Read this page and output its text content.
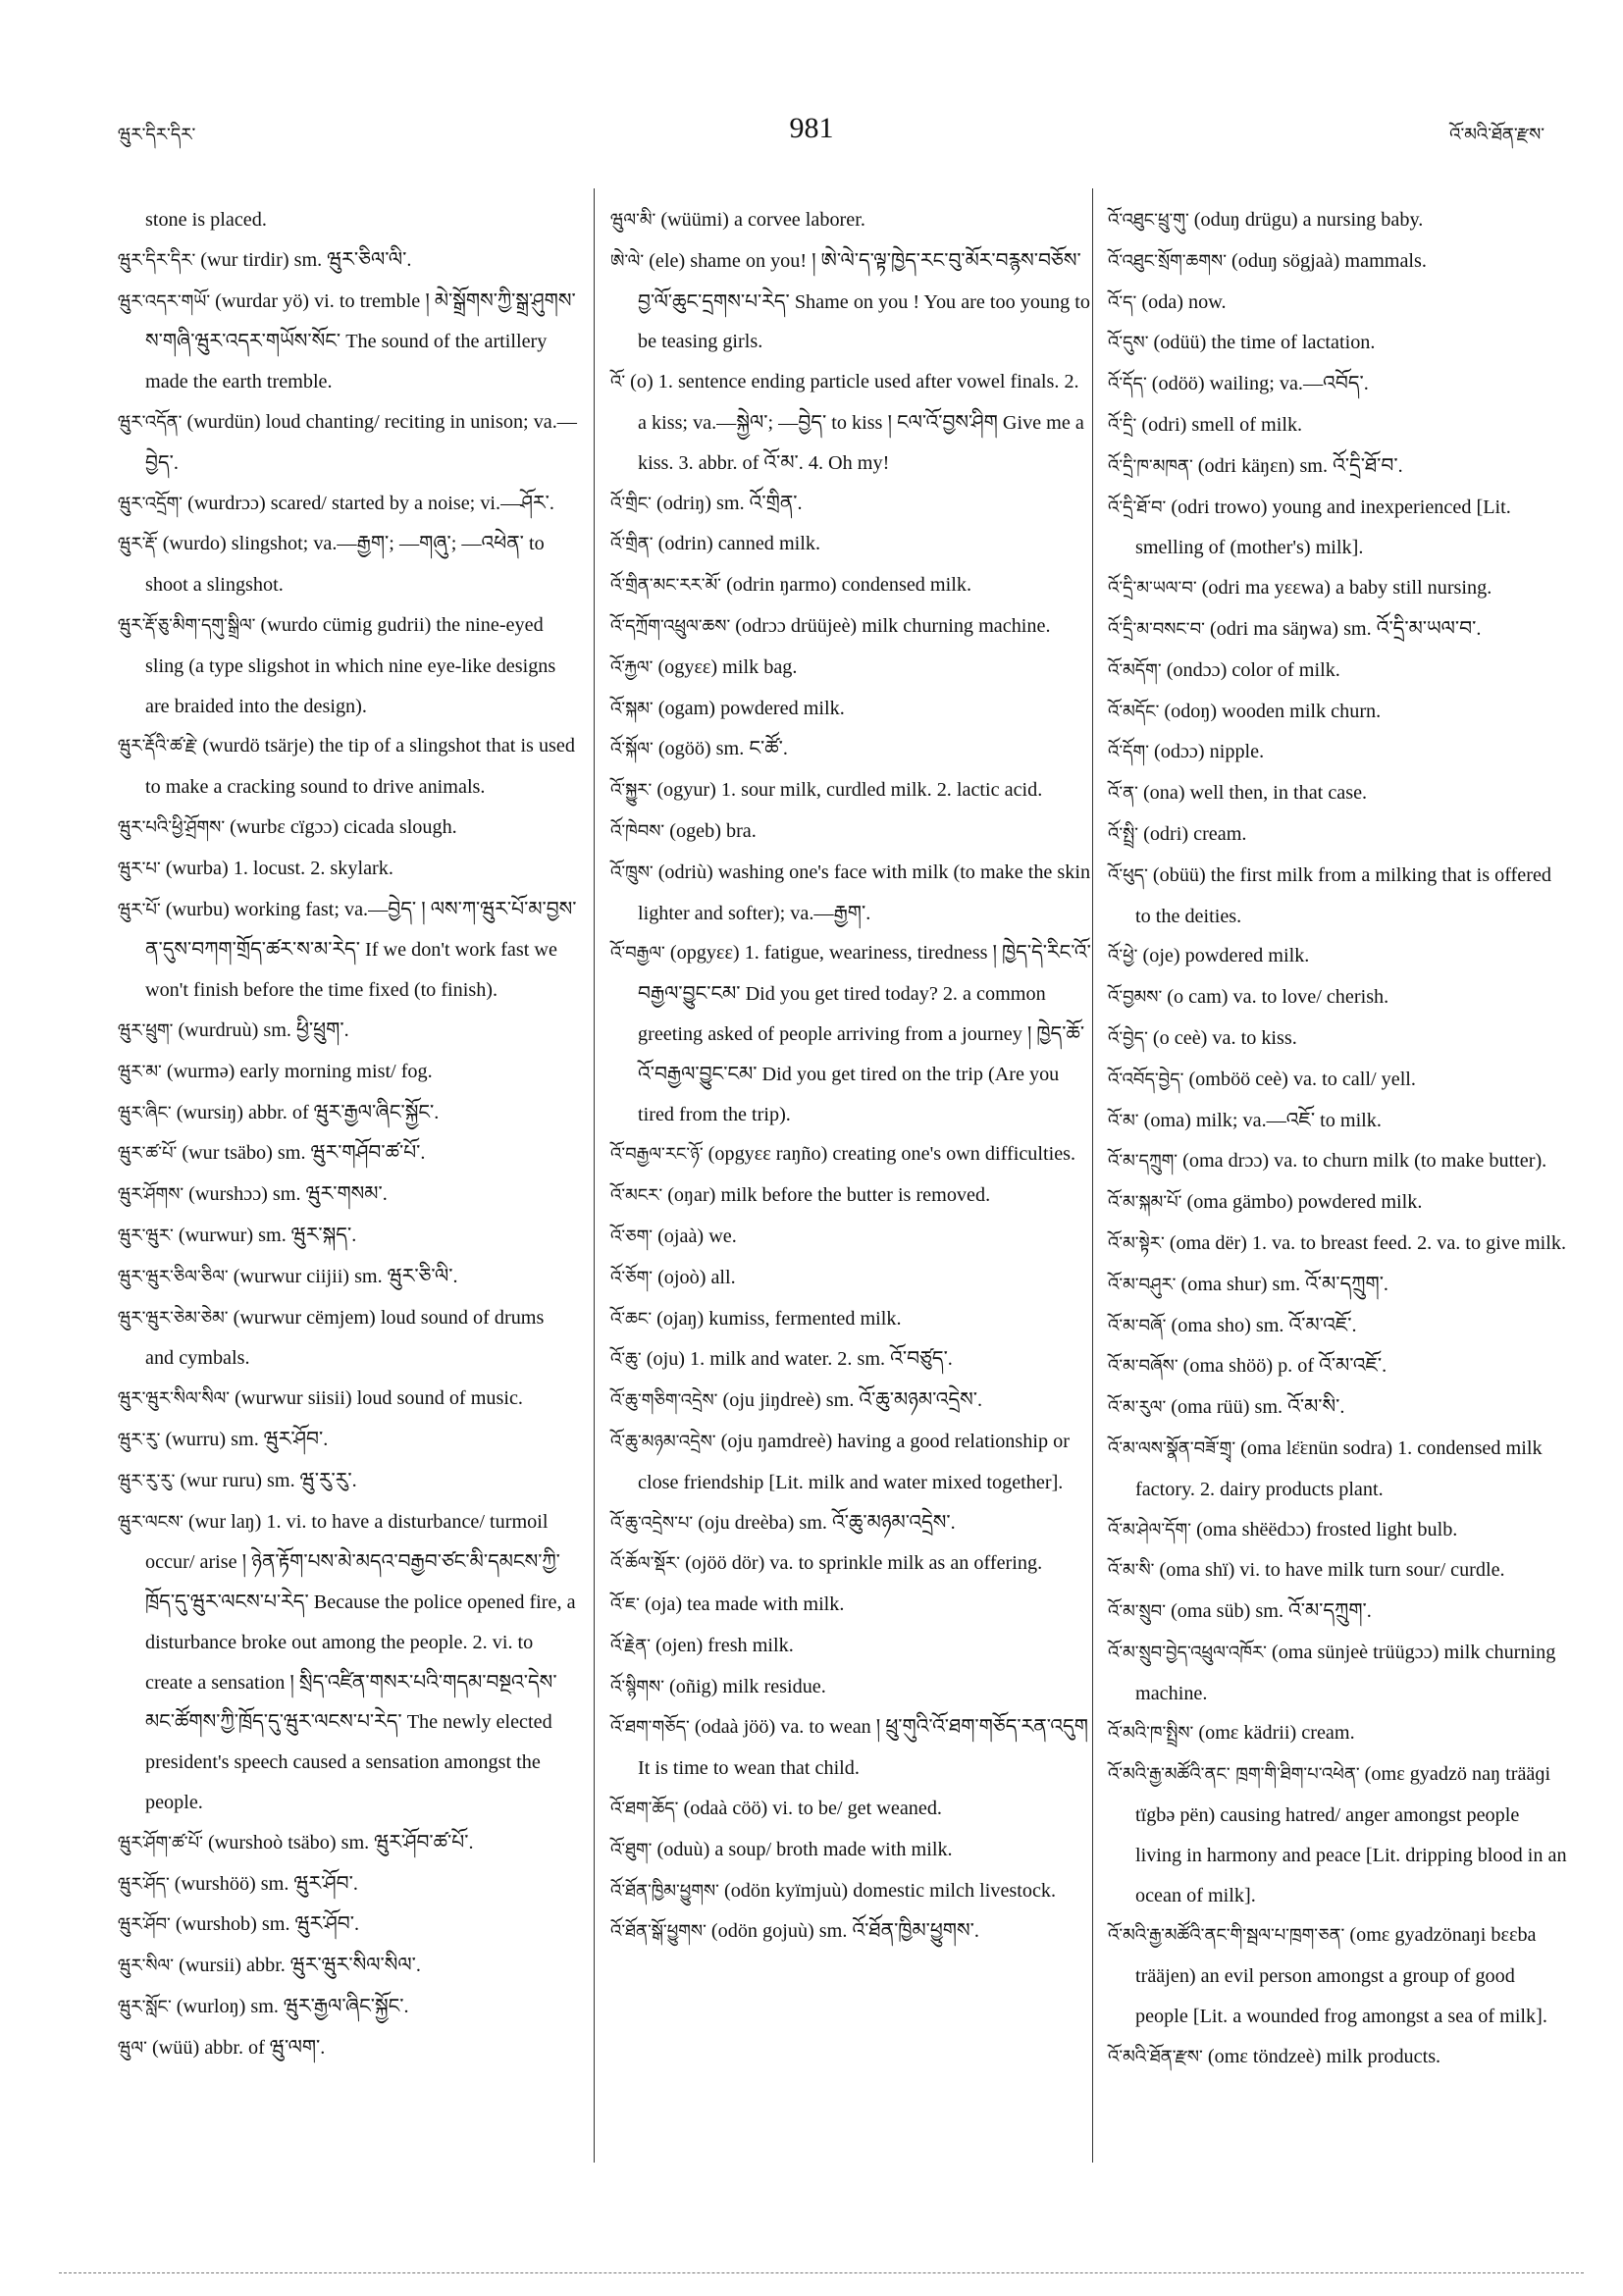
ཝུར་དིར་དིར་	981	འོ་མའི་ཐོན་རྫས་

stone is placed.

ཝུར་དིར་དིར་ (wur tirdir) sm. ཝུར་ཅིལ་ལི་.

ཝུར་འདར་གཡོ་ (wurdar yö) vi. to tremble ། མེ་སྒྲོགས་ཀྱི་སྒྲ་ཤུགས་ས་གཞི་ཝུར་འདར་གཡོས་སོང་ The sound of the artillery made the earth tremble.

ཝུར་འདོན་ (wurdün) loud chanting/ reciting in unison; va.—བྱེད་.

ཝུར་འདྲོག་ (wurdrɔɔ) scared/ started by a noise; vi.—ཤོར་.

ཝུར་རྡོ་ (wurdo) slingshot; va.—རྒྱག་; —གཞུ་; —འཕེན་ to shoot a slingshot.

ཝུར་རྡོ་ཅུ་མིག་དགུ་སྒྲིལ་ (wurdo cümig gudrii) the nine-eyed sling (a type sligshot in which nine eye-like designs are braided into the design).

ཝུར་རྡོའི་ཚ་རྗེ་ (wurdö tsärje) the tip of a slingshot that is used to make a cracking sound to drive animals.

ཝུར་པའི་ཕྱི་ཤྲོགས་ (wurbɛ cïgɔɔ) cicada slough.

ཝུར་པ་ (wurba) 1. locust. 2. skylark.

ཝུར་པོ་ (wurbu) working fast; va.—བྱེད་ ། ལས་ཀ་ཝུར་པོ་མ་བྱས་ན་དུས་བཀག་གྲོད་ཚར་ས་མ་རེད་ If we don't work fast we won't finish before the time fixed (to finish).

ཝུར་ཕྲུག་ (wurdruù) sm. ཕྱི་ཕྲུག་.

ཝུར་མ་ (wurmə) early morning mist/ fog.

ཝུར་ཞིང་ (wursiŋ) abbr. of ཝུར་རྒྱལ་ཞིང་སྐྱོང་.

ཝུར་ཚ་པོ་ (wur tsäbo) sm. ཝུར་གཤོབ་ཚ་པོ་.

ཝུར་ཤོགས་ (wurshɔɔ) sm. ཝུར་གསམ་.

ཝུར་ཝུར་ (wurwur) sm. ཝུར་སྐད་.

ཝུར་ཝུར་ཅིལ་ཅིལ་ (wurwur ciijii) sm. ཝུར་ཅི་ལི་.

ཝུར་ཝུར་ཅེམ་ཅེམ་ (wurwur cëmjem) loud sound of drums and cymbals.

ཝུར་ཝུར་སིལ་སིལ་ (wurwur siisii) loud sound of music.

ཝུར་རུ་ (wurru) sm. ཝུར་ཤོབ་.

ཝུར་རུ་རུ་ (wur ruru) sm. ཝུ་རུ་རུ་.

ཝུར་ལངས་ (wur laŋ) 1. vi. to have a disturbance/ turmoil occur/ arise ། ཉེན་རྟོག་པས་མེ་མདའ་བརྒྱབ་ཙང་མི་དམངས་ཀྱི་ཁྲོད་དུ་ཝུར་ལངས་པ་རེད་ Because the police opened fire, a disturbance broke out among the people. 2. vi. to create a sensation ། སྲིད་འཛིན་གསར་པའི་གདམ་བསྔའ་དེས་མང་ཚོགས་ཀྱི་ཁྲོད་དུ་ཝུར་ལངས་པ་རེད་ The newly elected president's speech caused a sensation amongst the people.

ཝུར་ཤོག་ཚ་པོ་ (wurshoò tsäbo) sm. ཝུར་ཤོབ་ཚ་པོ་.

ཝུར་ཤོད་ (wurshöö) sm. ཝུར་ཤོབ་.

ཝུར་ཤོབ་ (wurshob) sm. ཝུར་ཤོབ་.

ཝུར་སིལ་ (wursii) abbr. ཝུར་ཝུར་སིལ་སིལ་.

ཝུར་སློང་ (wurloŋ) sm. ཝུར་རྒྱལ་ཞིང་སྐྱོང་.

ཝུལ་ (wüü) abbr. of ཝུ་ལག་.

ཝུལ་མི་ (wüümi) a corvee laborer.

ཨེ་ལེ་ (ele) shame on you! ། ཨེ་ལེ་ད་ལྟ་ཁྱེད་རང་བུ་མོར་བརྙས་བཅོས་བྱ་ལོ་ཆུང་དྲགས་པ་རེད་ Shame on you ! You are too young to be teasing girls.

འོ་ (o) 1. sentence ending particle used after vowel finals. 2. a kiss; va.—སྐྱེལ་; —བྱེད་ to kiss ། ངལ་འོ་བྱས་ཤིག Give me a kiss. 3. abbr. of འོ་མ་. 4. Oh my!

འོ་གྲིང་ (odriŋ) sm. འོ་གྲིན་.

འོ་གྲིན་ (odrin) canned milk.

འོ་གྲིན་མང་རར་མོ་ (odrin ŋarmo) condensed milk.

འོ་དཀྲོག་འཕྲུལ་ཆས་ (odrɔɔ drüüjeè) milk churning machine.

འོ་རྐྱལ་ (ogyɛɛ) milk bag.

འོ་སྐམ་ (ogam) powdered milk.

འོ་སྐོལ་ (ogöö) sm. ང་ཚོ་.

འོ་སྐྱུར་ (ogyur) 1. sour milk, curdled milk. 2. lactic acid.

འོ་ཁེབས་ (ogeb) bra.

འོ་ཁྲུས་ (odriù) washing one's face with milk (to make the skin lighter and softer); va.—རྒྱག་.

འོ་བརྒྱལ་ (opgyɛɛ) 1. fatigue, weariness, tiredness ། ཁྱེད་དེ་རིང་འོ་བརྒྱལ་བྱུང་ངམ་ Did you get tired today? 2. a common greeting asked of people arriving from a journey ། ཁྱེད་ཆོ་འོ་བརྒྱལ་བྱུང་ངམ་ Did you get tired on the trip (Are you tired from the trip).

འོ་བརྒྱལ་རང་ཉོ་ (opgyɛɛ raŋño) creating one's own difficulties.

འོ་མངར་ (oŋar) milk before the butter is removed.

འོ་ཅག་ (ojaà) we.

འོ་ཅོག་ (ojoò) all.

འོ་ཆང་ (ojaŋ) kumiss, fermented milk.

འོ་ཆུ་ (oju) 1. milk and water. 2. sm. འོ་བཙུད་.

འོ་ཆུ་གཅིག་འདྲེས་ (oju jiŋdreè) sm. འོ་ཆུ་མཉམ་འདྲེས་.

འོ་ཆུ་མཉམ་འདྲེས་ (oju ŋamdreè) having a good relationship or close friendship [Lit. milk and water mixed together].

འོ་ཆུ་འདྲེས་པ་ (oju dreèba) sm. འོ་ཆུ་མཉམ་འདྲེས་.

འོ་ཆོལ་སྡོར་ (ojöö dör) va. to sprinkle milk as an offering.

འོ་ཇ་ (oja) tea made with milk.

འོ་རྗེན་ (ojen) fresh milk.

འོ་སྙིགས་ (oñig) milk residue.

འོ་ཐག་གཅོད་ (odaà jöö) va. to wean ། ཕྲུ་གུའི་འོ་ཐག་གཅོད་རན་འདུག It is time to wean that child.

འོ་ཐག་ཆོད་ (odaà cöö) vi. to be/ get weaned.

འོ་ཐུག་ (oduù) a soup/ broth made with milk.

འོ་ཐོན་ཁྱིམ་ཕྱུགས་ (odön kyïmjuù) domestic milch livestock.

འོ་ཐོན་སྒོ་ཕྱུགས་ (odön gojuù) sm. འོ་ཐོན་ཁྱིམ་ཕྱུགས་.

འོ་འཐུང་ཕྲུ་གུ་ (oduŋ drügu) a nursing baby.

འོ་འཐུང་སྲོག་ཆགས་ (oduŋ sögjaà) mammals.

འོ་ད་ (oda) now.

འོ་དུས་ (odüü) the time of lactation.

འོ་དོད་ (odöö) wailing; va.—འབོད་.

འོ་དྲི་ (odri) smell of milk.

འོ་དྲི་ཁ་མཁན་ (odri käŋɛn) sm. འོ་དྲི་ཐོ་བ་.

འོ་དྲི་ཐོ་བ་ (odri trowo) young and inexperienced [Lit. smelling of (mother's) milk].

འོ་དྲི་མ་ཡལ་བ་ (odri ma yɛɛwa) a baby still nursing.

འོ་དྲི་མ་བསང་བ་ (odri ma säŋwa) sm. འོ་དྲི་མ་ཡལ་བ་.

འོ་མདོག་ (ondɔɔ) color of milk.

འོ་མདོང་ (odoŋ) wooden milk churn.

འོ་དོག་ (odɔɔ) nipple.

འོ་ན་ (ona) well then, in that case.

འོ་སྤྲི་ (odri) cream.

འོ་ཕུད་ (obüü) the first milk from a milking that is offered to the deities.

འོ་ཕྱེ་ (oje) powdered milk.

འོ་བྱམས་ (o cam) va. to love/ cherish.

འོ་བྱེད་ (o ceè) va. to kiss.

འོ་འབོད་བྱེད་ (omböö ceè) va. to call/ yell.

འོ་མ་ (oma) milk; va.—འཇོ་ to milk.

འོ་མ་དཀྲུག་ (oma drɔɔ) va. to churn milk (to make butter).

འོ་མ་སྐམ་པོ་ (oma gämbo) powdered milk.

འོ་མ་སྟེར་ (oma dër) 1. va. to breast feed. 2. va. to give milk.

འོ་མ་བཤུར་ (oma shur) sm. འོ་མ་དཀྲུག་.

འོ་མ་བཞོ་ (oma sho) sm. འོ་མ་འཇོ་.

འོ་མ་བཞོས་ (oma shöö) p. of འོ་མ་འཇོ་.

འོ་མ་རུལ་ (oma rüü) sm. འོ་མ་སི་.

འོ་མ་ལས་སྣོན་བཟོ་གྲྭ་ (oma lɛ̈ɛnün sodra) 1. condensed milk factory. 2. dairy products plant.

འོ་མ་ཤེལ་དོག་ (oma shëëdɔɔ) frosted light bulb.

འོ་མ་སི་ (oma shï) vi. to have milk turn sour/ curdle.

འོ་མ་སྲུབ་ (oma süb) sm. འོ་མ་དཀྲུག་.

འོ་མ་སྲུབ་བྱེད་འཕྲུལ་འཁོར་ (oma sünjeè trüügɔɔ) milk churning machine.

འོ་མའི་ཁ་སྤྲིས་ (omɛ kädrii) cream.

འོ་མའི་རྒྱ་མཚོའི་ནང་ ཁྲག་གི་ཐིག་པ་འཕེན་ (omɛ gyadzö naŋ trääɡi tïgbə pën) causing hatred/ anger amongst people living in harmony and peace [Lit. dripping blood in an ocean of milk].

འོ་མའི་རྒྱ་མཚོའི་ནང་གི་སྦལ་པ་ཁྲག་ཅན་ (omɛ gyadzönaŋi bɛɛba trääjen) an evil person amongst a group of good people [Lit. a wounded frog amongst a sea of milk].

འོ་མའི་ཐོན་རྫས་ (omɛ töndzeè) milk products.
